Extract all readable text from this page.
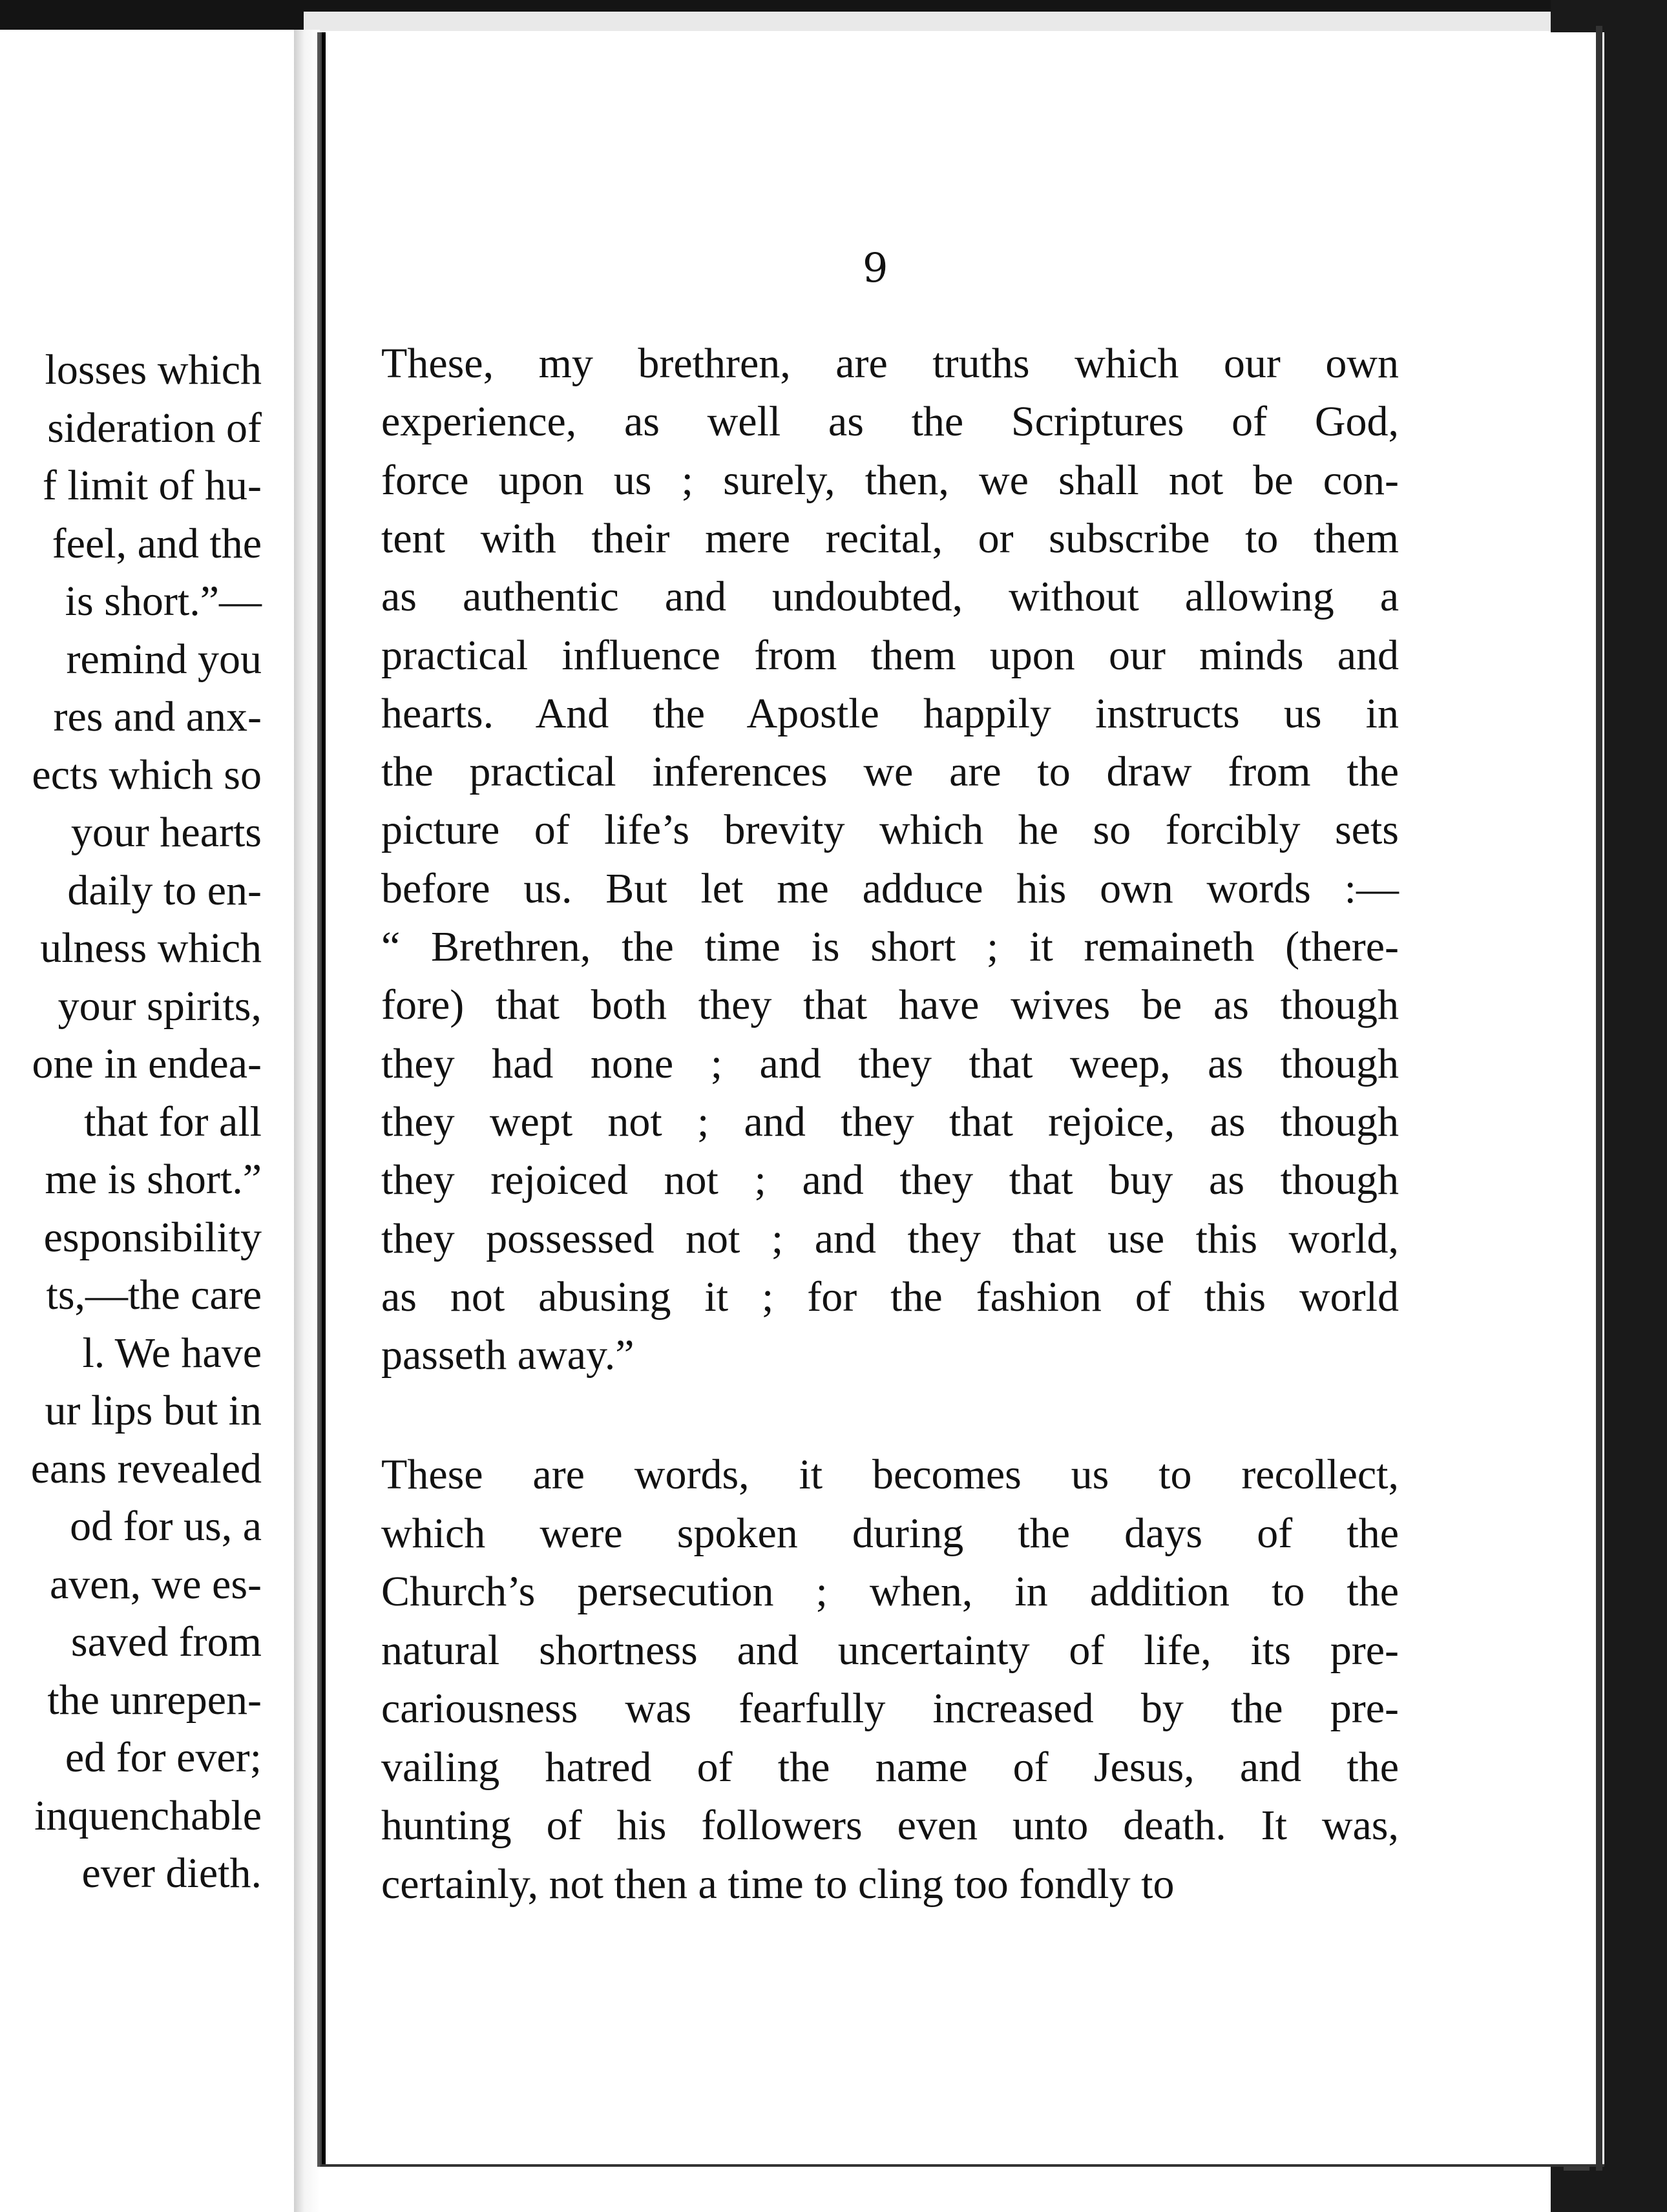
9

losses which

sideration of

f limit of hu-

feel, and the

is short.”—

remind you

res and anx-

ects which so

your hearts

daily to en-

ulness which

your spirits,

one in endea-

that for all

me is short.”

esponsibility

ts,—the care

l. We have

ur lips but in

eans revealed

od for us, a

aven, we es-

saved from

the unrepen-

ed for ever;

inquenchable

ever dieth.

These, my brethren, are truths which our own

experience, as well as the Scriptures of God,

force upon us ; surely, then, we shall not be con-

tent with their mere recital, or subscribe to them

as authentic and undoubted, without allowing a

practical influence from them upon our minds and

hearts. And the Apostle happily instructs us in

the practical inferences we are to draw from the

picture of life’s brevity which he so forcibly sets

before us. But let me adduce his own words :—

“ Brethren, the time is short ; it remaineth (there-

fore) that both they that have wives be as though

they had none ; and they that weep, as though

they wept not ; and they that rejoice, as though

they rejoiced not ; and they that buy as though

they possessed not ; and they that use this world,

as not abusing it ; for the fashion of this world

passeth away.”

These are words, it becomes us to recollect,

which were spoken during the days of the

Church’s persecution ; when, in addition to the

natural shortness and uncertainty of life, its pre-

cariousness was fearfully increased by the pre-

vailing hatred of the name of Jesus, and the

hunting of his followers even unto death. It was,

certainly, not then a time to cling too fondly to
